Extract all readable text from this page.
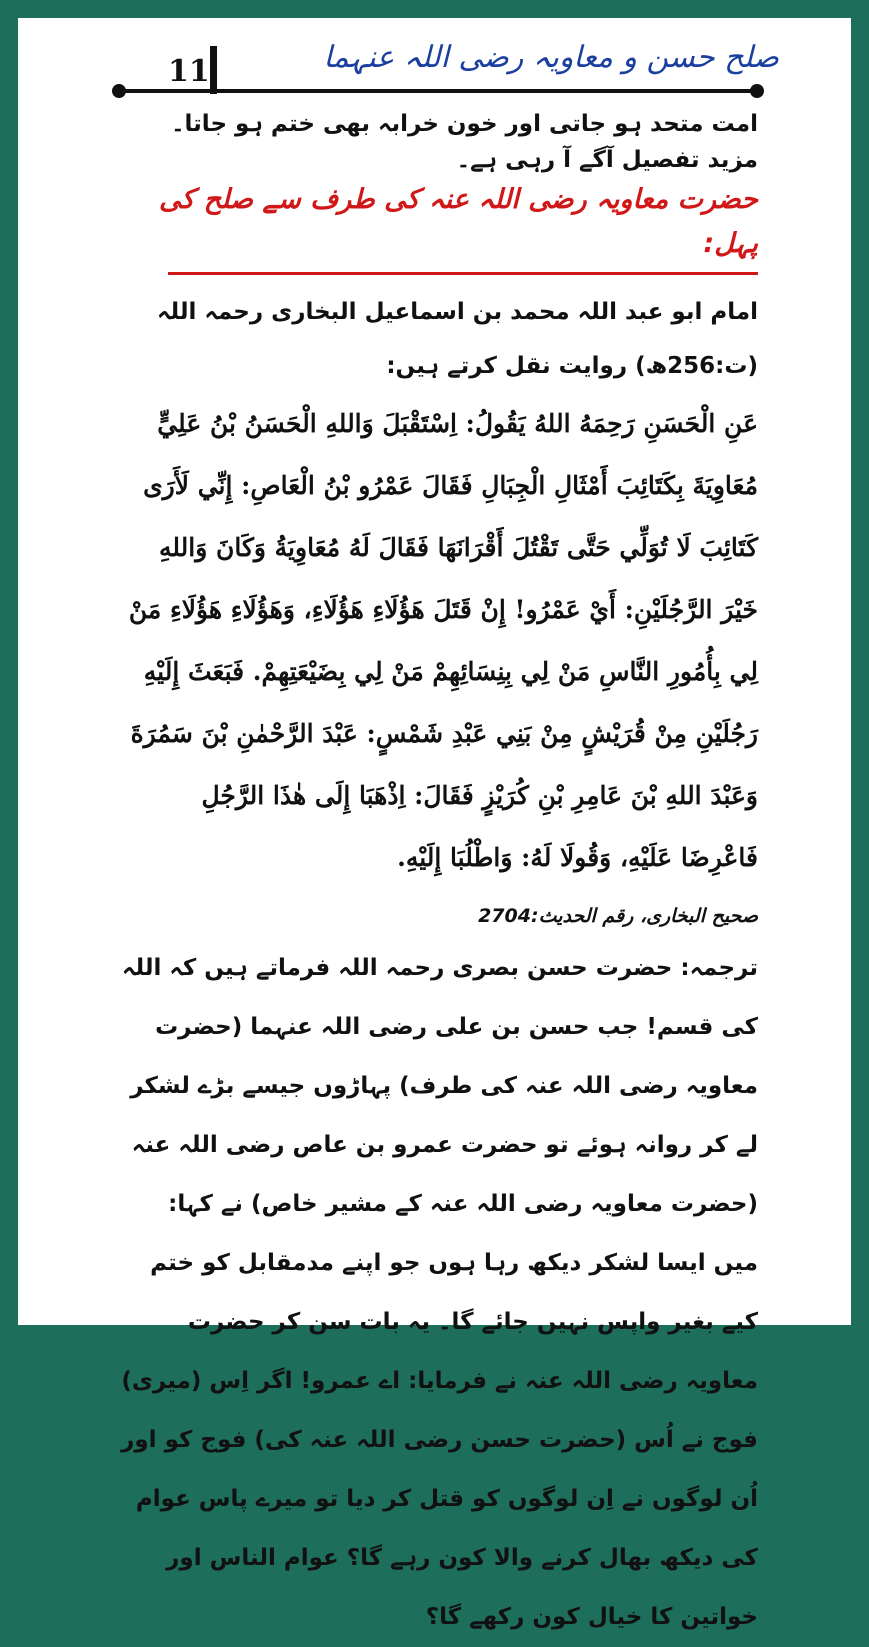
11	صلح حسن و معاویہ رضی اللہ عنہما

امت متحد ہو جاتی اور خون خرابہ بھی ختم ہو جاتا۔ مزید تفصیل آگے آ رہی ہے۔

حضرت معاویہ رضی اللہ عنہ کی طرف سے صلح کی پہل:

امام ابو عبد اللہ محمد بن اسماعیل البخاری رحمہ اللہ (ت:256ھ) روایت نقل کرتے ہیں:

عَنِ الْحَسَنِ رَحِمَهُ اللهُ يَقُولُ: اِسْتَقْبَلَ وَاللهِ الْحَسَنُ بْنُ عَلِيٍّ مُعَاوِيَةَ بِكَتَائِبَ أَمْثَالِ الْجِبَالِ فَقَالَ عَمْرُو بْنُ الْعَاصِ: إِنِّي لَأَرَى كَتَائِبَ لَا تُوَلِّي حَتَّى تَقْتُلَ أَقْرَانَهَا فَقَالَ لَهُ مُعَاوِيَةُ وَكَانَ وَاللهِ خَيْرَ الرَّجُلَيْنِ: أَيْ عَمْرُو! إِنْ قَتَلَ هَؤُلَاءِ هَؤُلَاءِ، وَهَؤُلَاءِ هَؤُلَاءِ مَنْ لِي بِأُمُورِ النَّاسِ مَنْ لِي بِنِسَائِهِمْ مَنْ لِي بِضَيْعَتِهِمْ. فَبَعَثَ إِلَيْهِ رَجُلَيْنِ مِنْ قُرَيْشٍ مِنْ بَنِي عَبْدِ شَمْسٍ: عَبْدَ الرَّحْمٰنِ بْنَ سَمُرَةَ وَعَبْدَ اللهِ بْنَ عَامِرِ بْنِ كُرَيْزٍ فَقَالَ: اِذْهَبَا إِلَى هٰذَا الرَّجُلِ فَاعْرِضَا عَلَيْهِ، وَقُولَا لَهُ: وَاطْلُبَا إِلَيْهِ.

صحیح البخاری، رقم الحدیث:2704

ترجمہ: حضرت حسن بصری رحمہ اللہ فرماتے ہیں کہ اللہ کی قسم! جب حسن بن علی رضی اللہ عنہما (حضرت معاویہ رضی اللہ عنہ کی طرف) پہاڑوں جیسے بڑے لشکر لے کر روانہ ہوئے تو حضرت عمرو بن عاص رضی اللہ عنہ (حضرت معاویہ رضی اللہ عنہ کے مشیر خاص) نے کہا: میں ایسا لشکر دیکھ رہا ہوں جو اپنے مدمقابل کو ختم کیے بغیر واپس نہیں جائے گا۔ یہ بات سن کر حضرت معاویہ رضی اللہ عنہ نے فرمایا: اے عمرو! اگر اِس (میری) فوج نے اُس (حضرت حسن رضی اللہ عنہ کی) فوج کو اور اُن لوگوں نے اِن لوگوں کو قتل کر دیا تو میرے پاس عوام کی دیکھ بھال کرنے والا کون رہے گا؟ عوام الناس اور خواتین کا خیال کون رکھے گا؟
